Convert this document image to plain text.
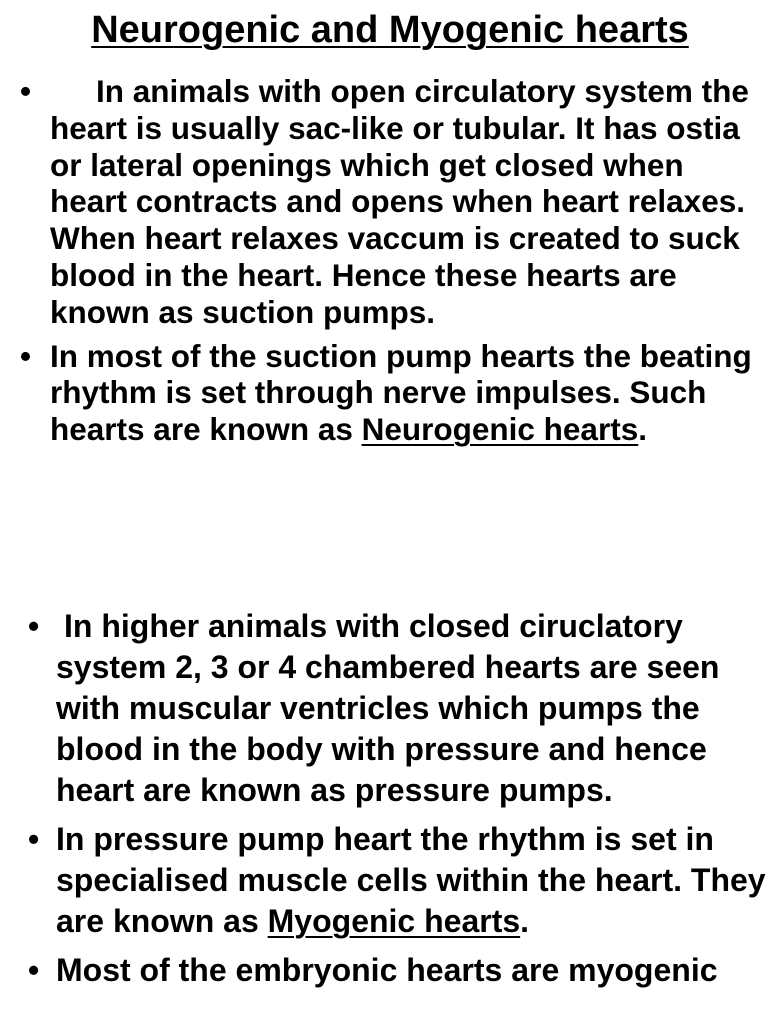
Neurogenic and Myogenic hearts
• In animals with open circulatory system the heart is usually sac-like or tubular. It has ostia or lateral openings which get closed when heart contracts and opens when heart relaxes. When heart relaxes vaccum is created to suck blood in the heart. Hence these hearts are known as suction pumps.
• In most of the suction pump hearts the beating rhythm is set through nerve impulses. Such hearts are known as Neurogenic hearts.
• In higher animals with closed ciruclatory system 2, 3 or 4 chambered hearts are seen with muscular ventricles which pumps the blood in the body with pressure and hence heart are known as pressure pumps.
• In pressure pump heart the rhythm is set in specialised muscle cells within the heart. They are known as Myogenic hearts.
• Most of the embryonic hearts are myogenic
